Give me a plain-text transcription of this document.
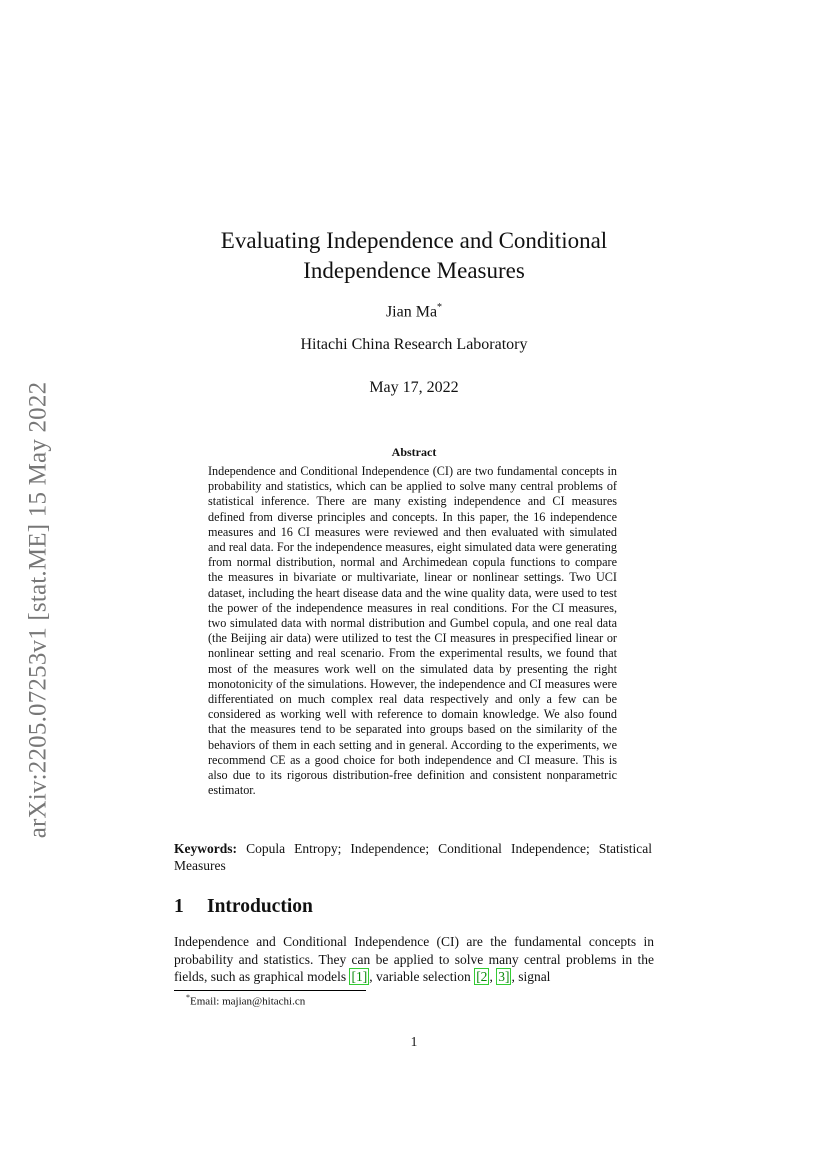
arXiv:2205.07253v1 [stat.ME] 15 May 2022
Evaluating Independence and Conditional
Independence Measures
Jian Ma*
Hitachi China Research Laboratory
May 17, 2022
Abstract
Independence and Conditional Independence (CI) are two fundamental concepts in probability and statistics, which can be applied to solve many central problems of statistical inference. There are many existing independence and CI measures defined from diverse principles and concepts. In this paper, the 16 independence measures and 16 CI measures were reviewed and then evaluated with simulated and real data. For the independence measures, eight simulated data were generating from normal distribution, normal and Archimedean copula functions to compare the measures in bivariate or multivariate, linear or nonlinear settings. Two UCI dataset, including the heart disease data and the wine quality data, were used to test the power of the independence measures in real conditions. For the CI measures, two simulated data with normal distribution and Gumbel copula, and one real data (the Beijing air data) were utilized to test the CI measures in prespecified linear or nonlinear setting and real scenario. From the experimental results, we found that most of the measures work well on the simulated data by presenting the right monotonicity of the simulations. However, the independence and CI measures were differentiated on much complex real data respectively and only a few can be considered as working well with reference to domain knowledge. We also found that the measures tend to be separated into groups based on the similarity of the behaviors of them in each setting and in general. According to the experiments, we recommend CE as a good choice for both independence and CI measure. This is also due to its rigorous distribution-free definition and consistent nonparametric estimator.
Keywords: Copula Entropy; Independence; Conditional Independence; Statistical Measures
1 Introduction
Independence and Conditional Independence (CI) are the fundamental concepts in probability and statistics. They can be applied to solve many central problems in the fields, such as graphical models [1] , variable selection [2 , 3] , signal
*Email: majian@hitachi.cn
1
